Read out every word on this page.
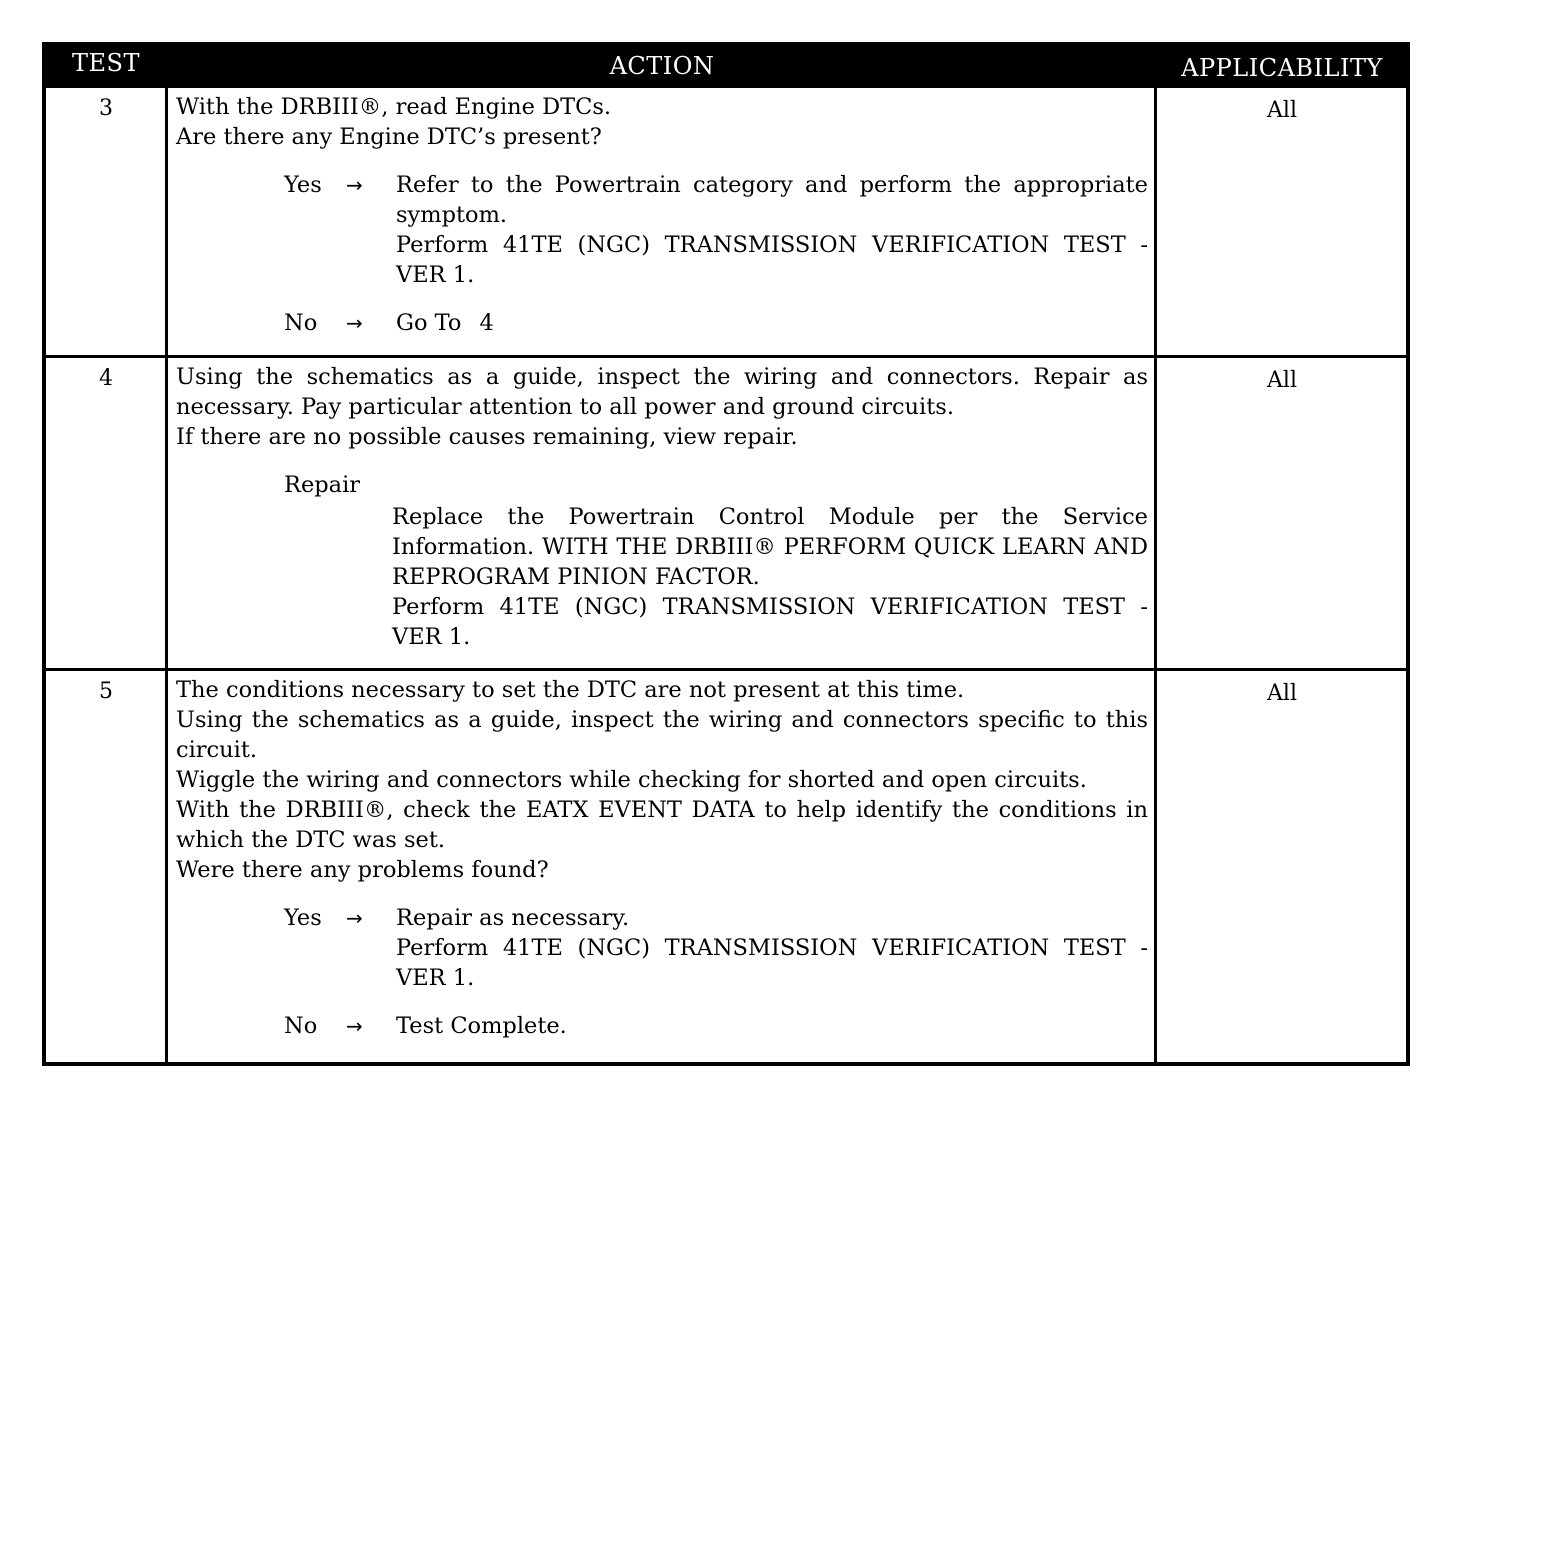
TEST	ACTION	APPLICABILITY
3	With the DRBIII®, read Engine DTCs.

Are there any Engine DTC’s present?

Yes → Refer to the Powertrain category and perform the appropriate symptom.

Perform 41TE (NGC) TRANSMISSION VERIFICATION TEST - VER 1.

No → Go To 4
All
4	Using the schematics as a guide, inspect the wiring and connectors. Repair as necessary. Pay particular attention to all power and ground circuits.

If there are no possible causes remaining, view repair.

Repair

Replace the Powertrain Control Module per the Service Information. WITH THE DRBIII® PERFORM QUICK LEARN AND REPROGRAM PINION FACTOR.

Perform 41TE (NGC) TRANSMISSION VERIFICATION TEST - VER 1.

All
5	The conditions necessary to set the DTC are not present at this time.

Using the schematics as a guide, inspect the wiring and connectors specific to this circuit.

Wiggle the wiring and connectors while checking for shorted and open circuits.

With the DRBIII®, check the EATX EVENT DATA to help identify the conditions in which the DTC was set.

Were there any problems found?

Yes → Repair as necessary.

Perform 41TE (NGC) TRANSMISSION VERIFICATION TEST - VER 1.

No → Test Complete.
All
